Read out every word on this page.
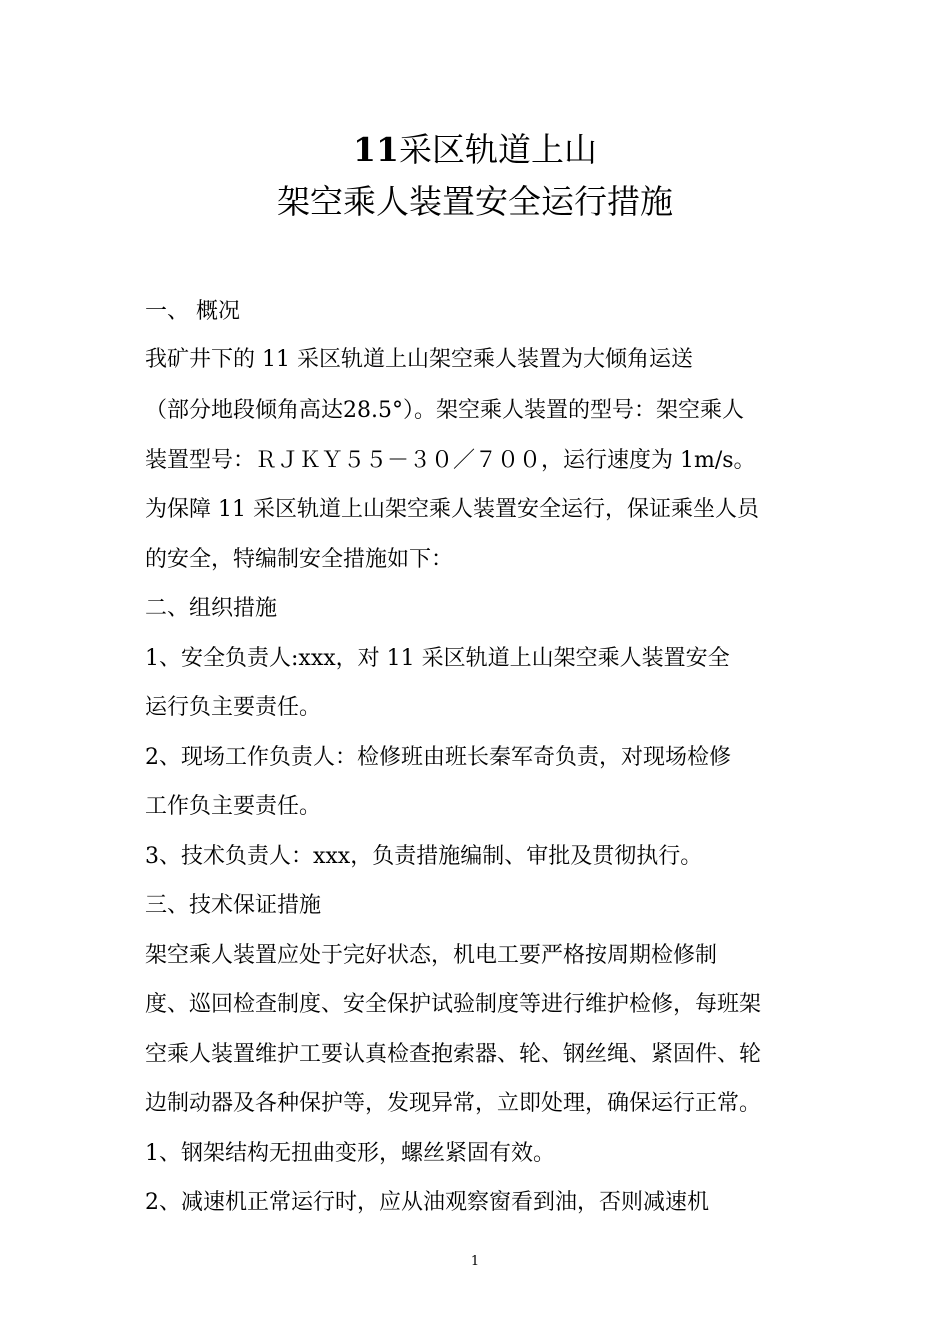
11采区轨道上山
架空乘人装置安全运行措施
一、 概况
我矿井下的 11 采区轨道上山架空乘人装置为大倾角运送
（部分地段倾角高达28.5°）。架空乘人装置的型号：架空乘人
装置型号：ＲＪＫＹ５５－３０／７００，运行速度为 1m/s。
为保障 11 采区轨道上山架空乘人装置安全运行，保证乘坐人员
的安全，特编制安全措施如下：
二、组织措施
1、安全负责人:xxx，对 11 采区轨道上山架空乘人装置安全
运行负主要责任。
2、现场工作负责人：检修班由班长秦军奇负责，对现场检修
工作负主要责任。
3、技术负责人：xxx，负责措施编制、审批及贯彻执行。
三、技术保证措施
架空乘人装置应处于完好状态，机电工要严格按周期检修制
度、巡回检查制度、安全保护试验制度等进行维护检修，每班架
空乘人装置维护工要认真检查抱索器、轮、钢丝绳、紧固件、轮
边制动器及各种保护等，发现异常，立即处理，确保运行正常。
1、钢架结构无扭曲变形，螺丝紧固有效。
2、减速机正常运行时，应从油观察窗看到油，否则减速机
1
